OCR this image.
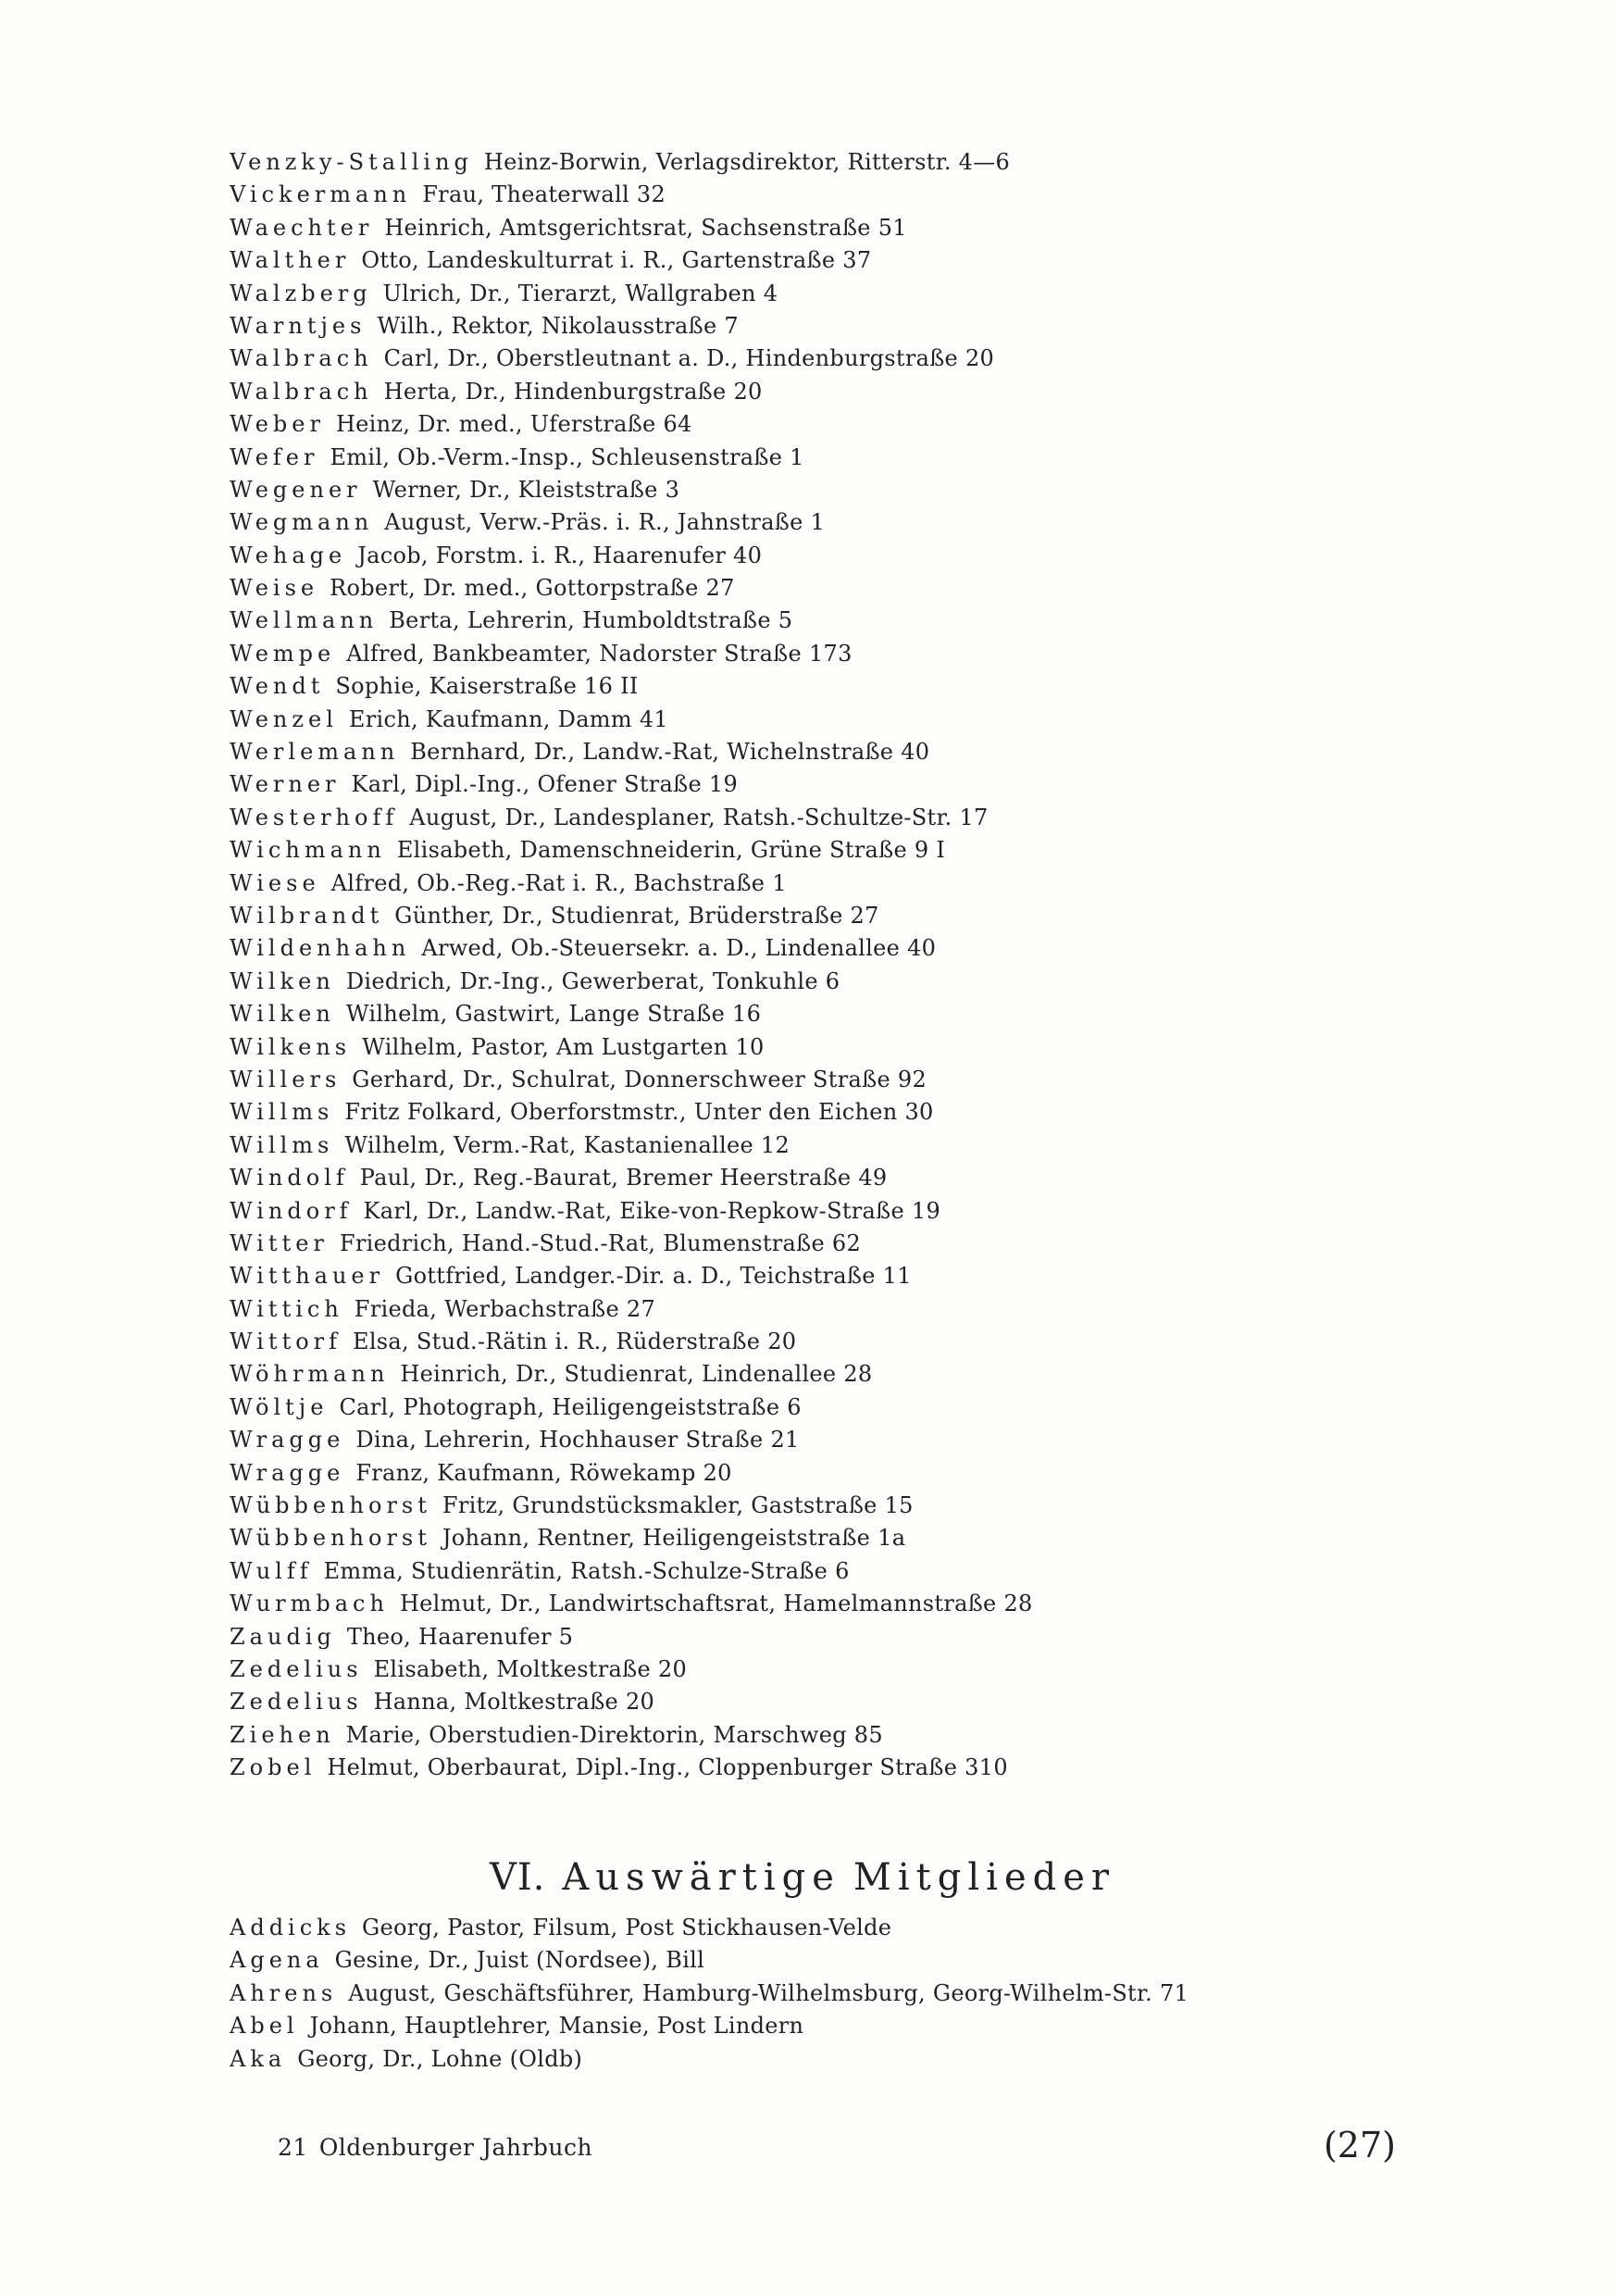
Venzky-Stalling Heinz-Borwin, Verlagsdirektor, Ritterstr. 4—6
Vickermann Frau, Theaterwall 32
Waechter Heinrich, Amtsgerichtsrat, Sachsenstraße 51
Walther Otto, Landeskulturrat i. R., Gartenstraße 37
Walzberg Ulrich, Dr., Tierarzt, Wallgraben 4
Warntjes Wilh., Rektor, Nikolausstraße 7
Walbrach Carl, Dr., Oberstleutnant a. D., Hindenburgstraße 20
Walbrach Herta, Dr., Hindenburgstraße 20
Weber Heinz, Dr. med., Uferstraße 64
Wefer Emil, Ob.-Verm.-Insp., Schleusenstraße 1
Wegener Werner, Dr., Kleiststraße 3
Wegmann August, Verw.-Präs. i. R., Jahnstraße 1
Wehage Jacob, Forstm. i. R., Haarenufer 40
Weise Robert, Dr. med., Gottorpstraße 27
Wellmann Berta, Lehrerin, Humboldtstraße 5
Wempe Alfred, Bankbeamter, Nadorster Straße 173
Wendt Sophie, Kaiserstraße 16 II
Wenzel Erich, Kaufmann, Damm 41
Werlemann Bernhard, Dr., Landw.-Rat, Wichelnstraße 40
Werner Karl, Dipl.-Ing., Ofener Straße 19
Westerhoff August, Dr., Landesplaner, Ratsh.-Schultze-Str. 17
Wichmann Elisabeth, Damenschneiderin, Grüne Straße 9 I
Wiese Alfred, Ob.-Reg.-Rat i. R., Bachstraße 1
Wilbrandt Günther, Dr., Studienrat, Brüderstraße 27
Wildenhahn Arwed, Ob.-Steuersekr. a. D., Lindenallee 40
Wilken Diedrich, Dr.-Ing., Gewerberat, Tonkuhle 6
Wilken Wilhelm, Gastwirt, Lange Straße 16
Wilkens Wilhelm, Pastor, Am Lustgarten 10
Willers Gerhard, Dr., Schulrat, Donnerschweer Straße 92
Willms Fritz Folkard, Oberforstmstr., Unter den Eichen 30
Willms Wilhelm, Verm.-Rat, Kastanienallee 12
Windolf Paul, Dr., Reg.-Baurat, Bremer Heerstraße 49
Windorf Karl, Dr., Landw.-Rat, Eike-von-Repkow-Straße 19
Witter Friedrich, Hand.-Stud.-Rat, Blumenstraße 62
Witthauer Gottfried, Landger.-Dir. a. D., Teichstraße 11
Wittich Frieda, Werbachstraße 27
Wittorf Elsa, Stud.-Rätin i. R., Rüderstraße 20
Wöhrmann Heinrich, Dr., Studienrat, Lindenallee 28
Wöltje Carl, Photograph, Heiligengeiststraße 6
Wragge Dina, Lehrerin, Hochhauser Straße 21
Wragge Franz, Kaufmann, Röwekamp 20
Wübbenhorst Fritz, Grundstücksmakler, Gaststraße 15
Wübbenhorst Johann, Rentner, Heiligengeiststraße 1a
Wulff Emma, Studienrätin, Ratsh.-Schulze-Straße 6
Wurmbach Helmut, Dr., Landwirtschaftsrat, Hamelmannstraße 28
Zaudig Theo, Haarenufer 5
Zedelius Elisabeth, Moltkestraße 20
Zedelius Hanna, Moltkestraße 20
Ziehen Marie, Oberstudien-Direktorin, Marschweg 85
Zobel Helmut, Oberbaurat, Dipl.-Ing., Cloppenburger Straße 310
VI. Auswärtige Mitglieder
Addicks Georg, Pastor, Filsum, Post Stickhausen-Velde
Agena Gesine, Dr., Juist (Nordsee), Bill
Ahrens August, Geschäftsführer, Hamburg-Wilhelmsburg, Georg-Wilhelm-Str. 71
Abel Johann, Hauptlehrer, Mansie, Post Lindern
Aka Georg, Dr., Lohne (Oldb)
21 Oldenburger Jahrbuch	(27)
